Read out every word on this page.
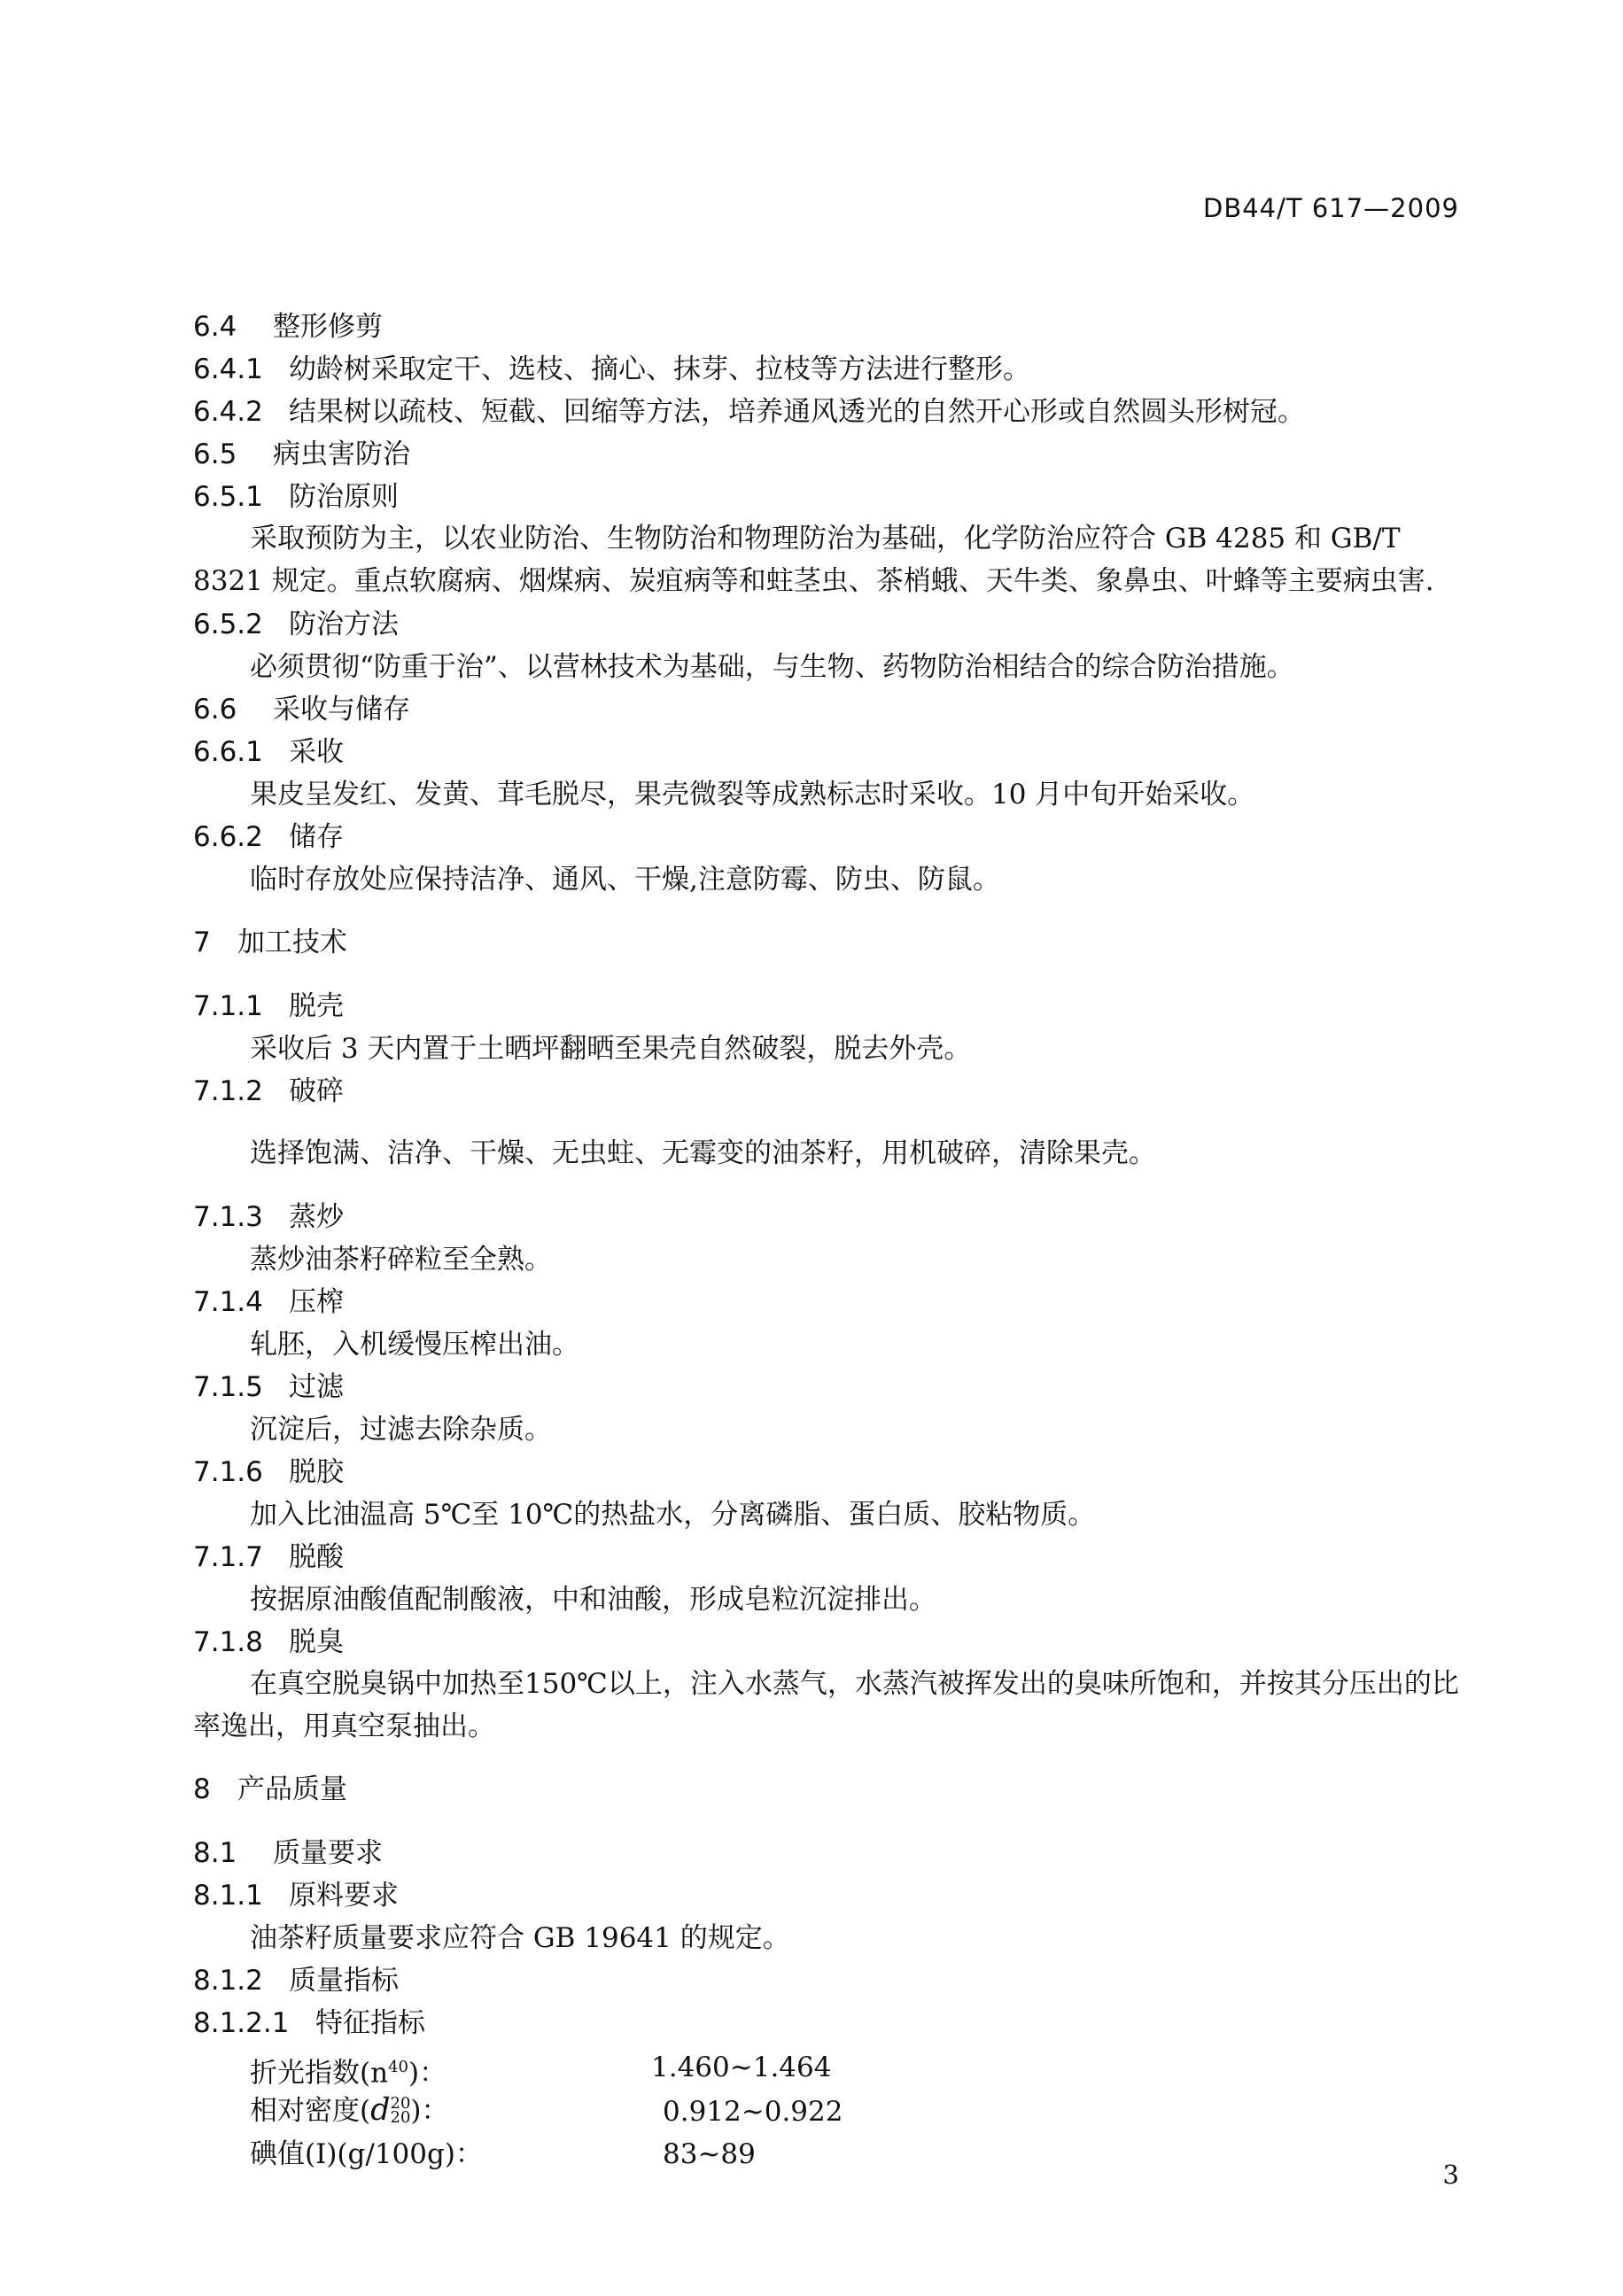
DB44/T 617—2009
6.4 整形修剪
6.4.1 幼龄树采取定干、选枝、摘心、抹芽、拉枝等方法进行整形。
6.4.2 结果树以疏枝、短截、回缩等方法，培养通风透光的自然开心形或自然圆头形树冠。
6.5 病虫害防治
6.5.1 防治原则
采取预防为主，以农业防治、生物防治和物理防治为基础，化学防治应符合 GB 4285 和 GB/T 8321 规定。重点软腐病、烟煤病、炭疽病等和蛀茎虫、茶梢蛾、天牛类、象鼻虫、叶蜂等主要病虫害.
6.5.2 防治方法
必须贯彻“防重于治”、以营林技术为基础，与生物、药物防治相结合的综合防治措施。
6.6 采收与储存
6.6.1 采收
果皮呈发红、发黄、茸毛脱尽，果壳微裂等成熟标志时采收。10 月中旬开始采收。
6.6.2 储存
临时存放处应保持洁净、通风、干燥,注意防霉、防虫、防鼠。
7 加工技术
7.1.1 脱壳
采收后 3 天内置于土晒坪翻晒至果壳自然破裂，脱去外壳。
7.1.2 破碎
选择饱满、洁净、干燥、无虫蛀、无霉变的油茶籽，用机破碎，清除果壳。
7.1.3 蒸炒
蒸炒油茶籽碎粒至全熟。
7.1.4 压榨
轧胚，入机缓慢压榨出油。
7.1.5 过滤
沉淀后，过滤去除杂质。
7.1.6 脱胶
加入比油温高 5℃至 10℃的热盐水，分离磷脂、蛋白质、胶粘物质。
7.1.7 脱酸
按据原油酸值配制酸液，中和油酸，形成皂粒沉淀排出。
7.1.8 脱臭
在真空脱臭锅中加热至150℃以上，注入水蒸气，水蒸汽被挥发出的臭味所饱和，并按其分压出的比率逸出，用真空泵抽出。
8 产品质量
8.1 质量要求
8.1.1 原料要求
油茶籽质量要求应符合 GB 19641 的规定。
8.1.2 质量指标
8.1.2.1 特征指标
折光指数$(n^{40})$：	1.460~1.464
相对密度(d 20
20 )：	0.912~0.922
碘值(I)(g/100g)：	83~89
3
